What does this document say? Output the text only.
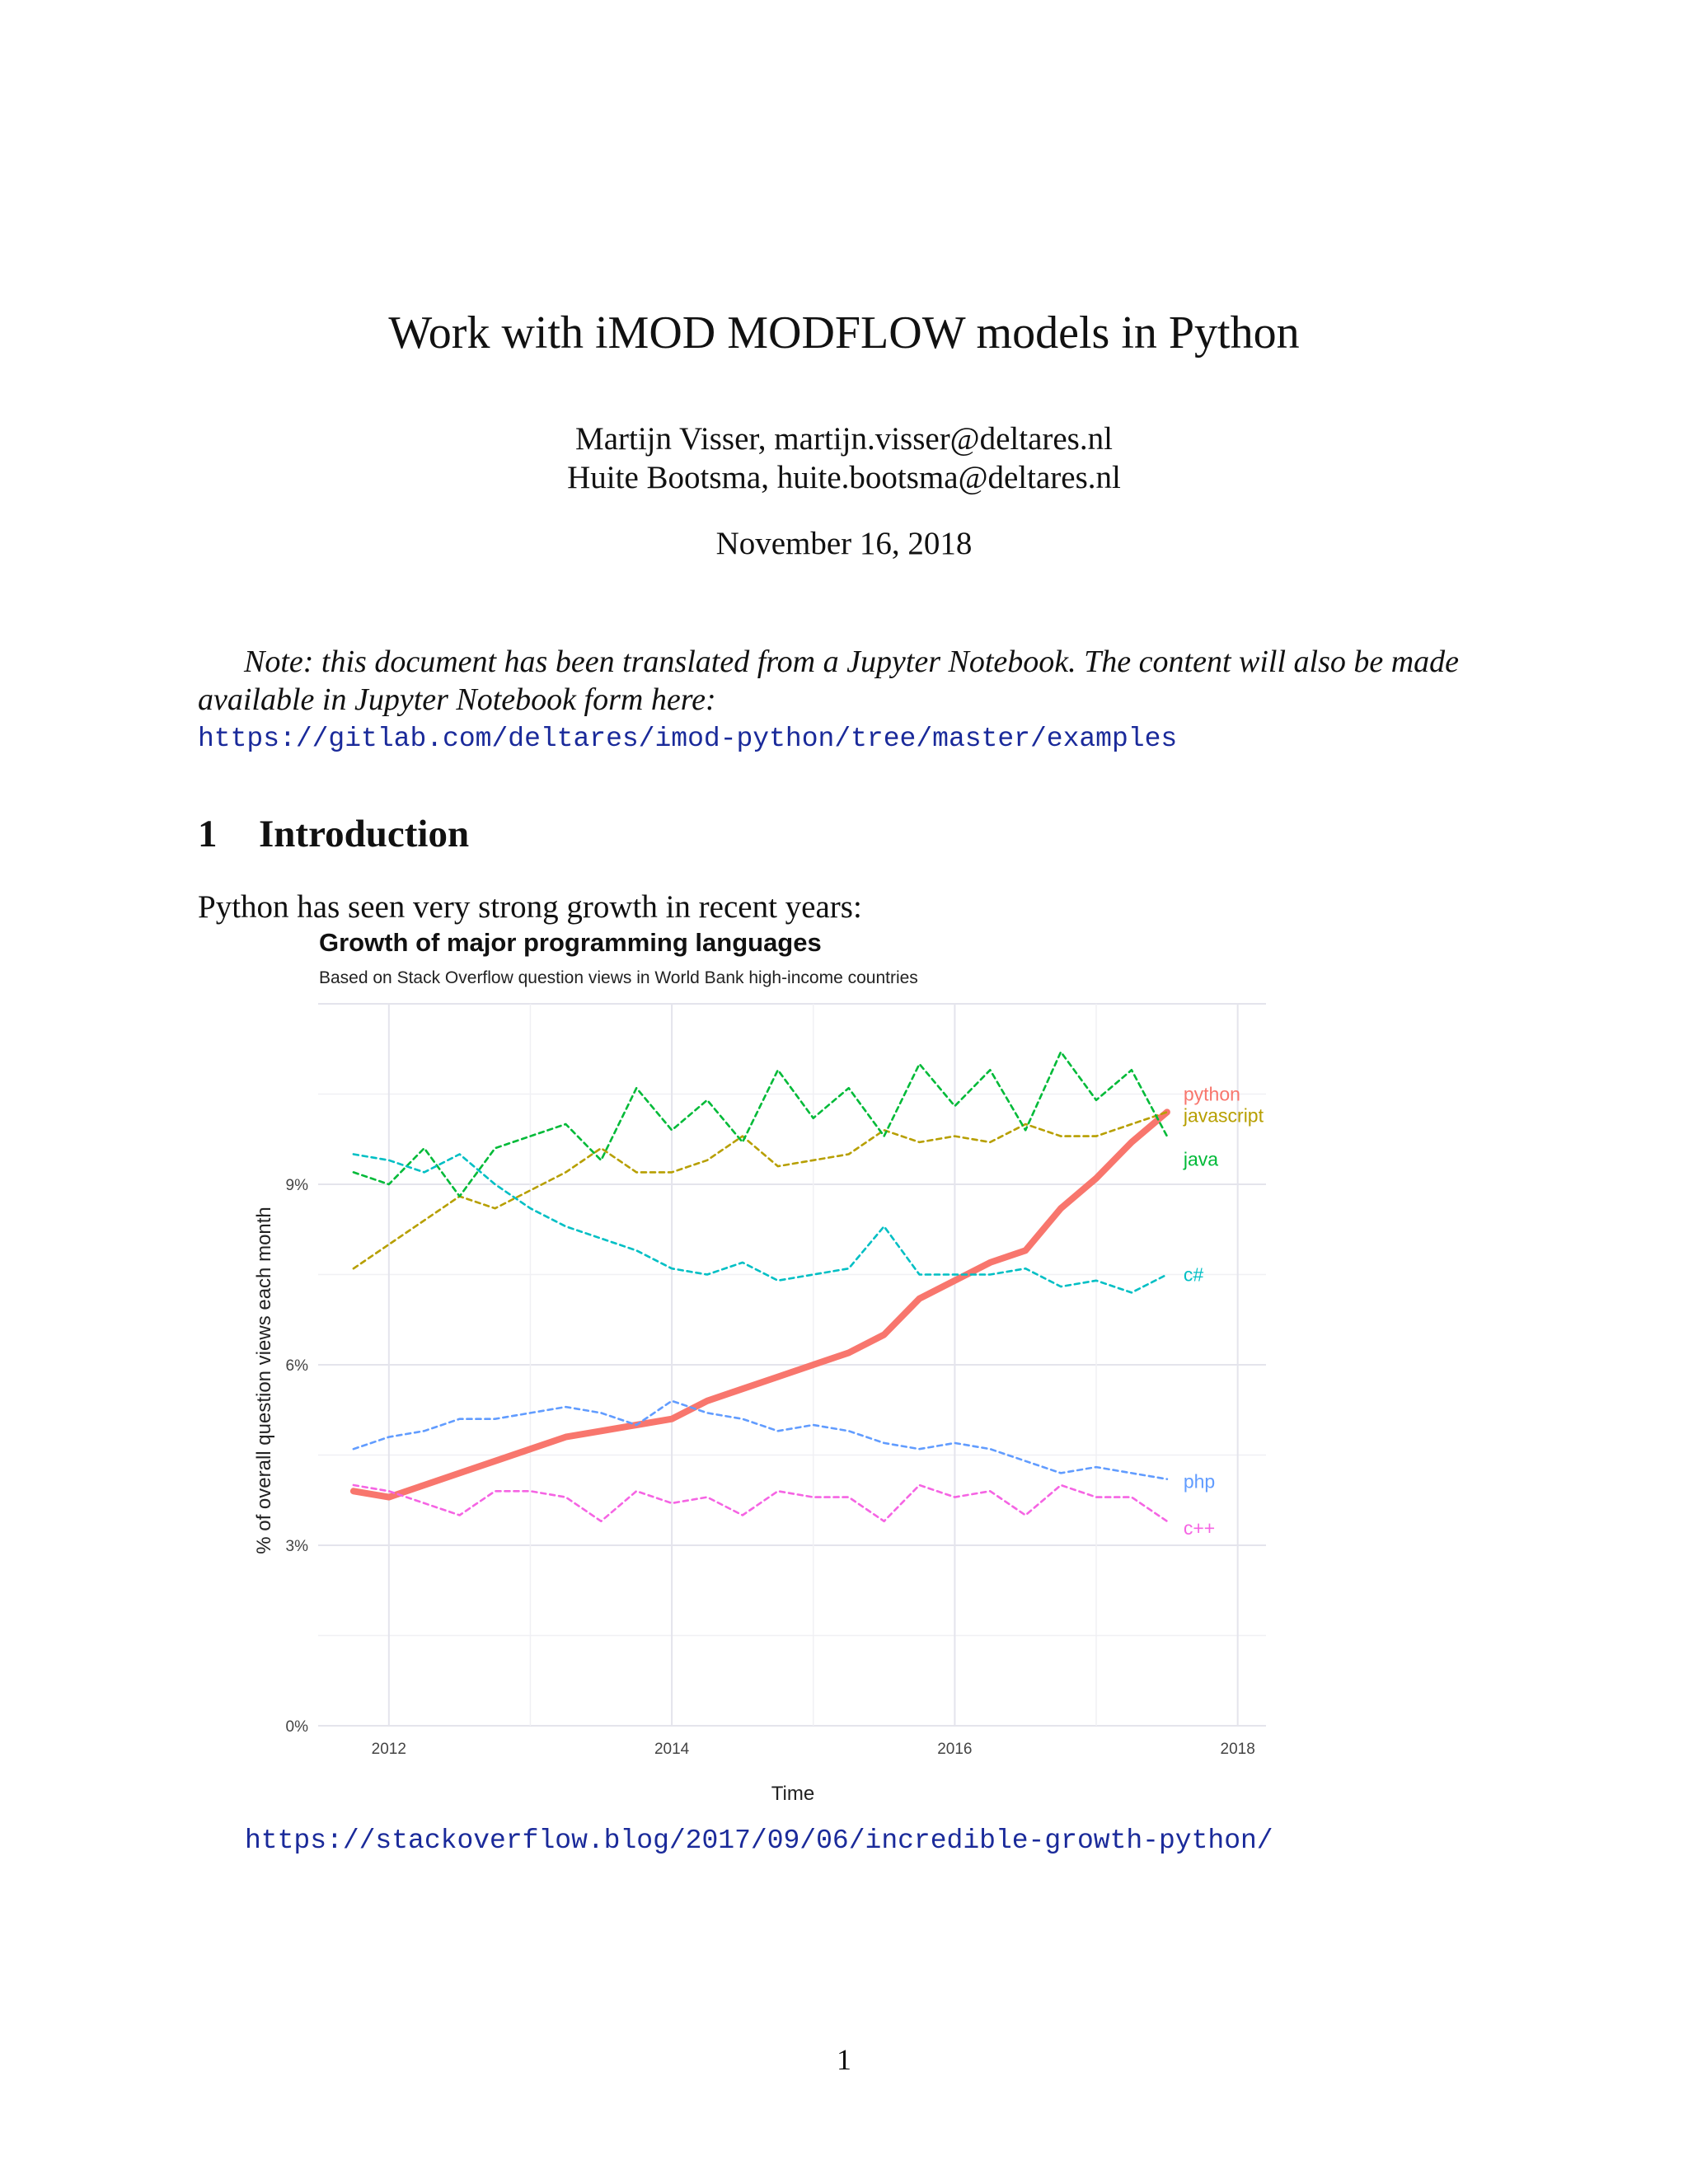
Work with iMOD MODFLOW models in Python
Martijn Visser, martijn.visser@deltares.nl
Huite Bootsma, huite.bootsma@deltares.nl
November 16, 2018
Note: this document has been translated from a Jupyter Notebook. The content will also be made available in Jupyter Notebook form here:
https://gitlab.com/deltares/imod-python/tree/master/examples
1 Introduction
Python has seen very strong growth in recent years:
Growth of major programming languages
Based on Stack Overflow question views in World Bank high-income countries
0%
3%
6%
9%
2012	2014	2016	2018
python
javascript
java
c#
php
c++
Time
% of overall question views each month
https://stackoverflow.blog/2017/09/06/incredible-growth-python/
1
